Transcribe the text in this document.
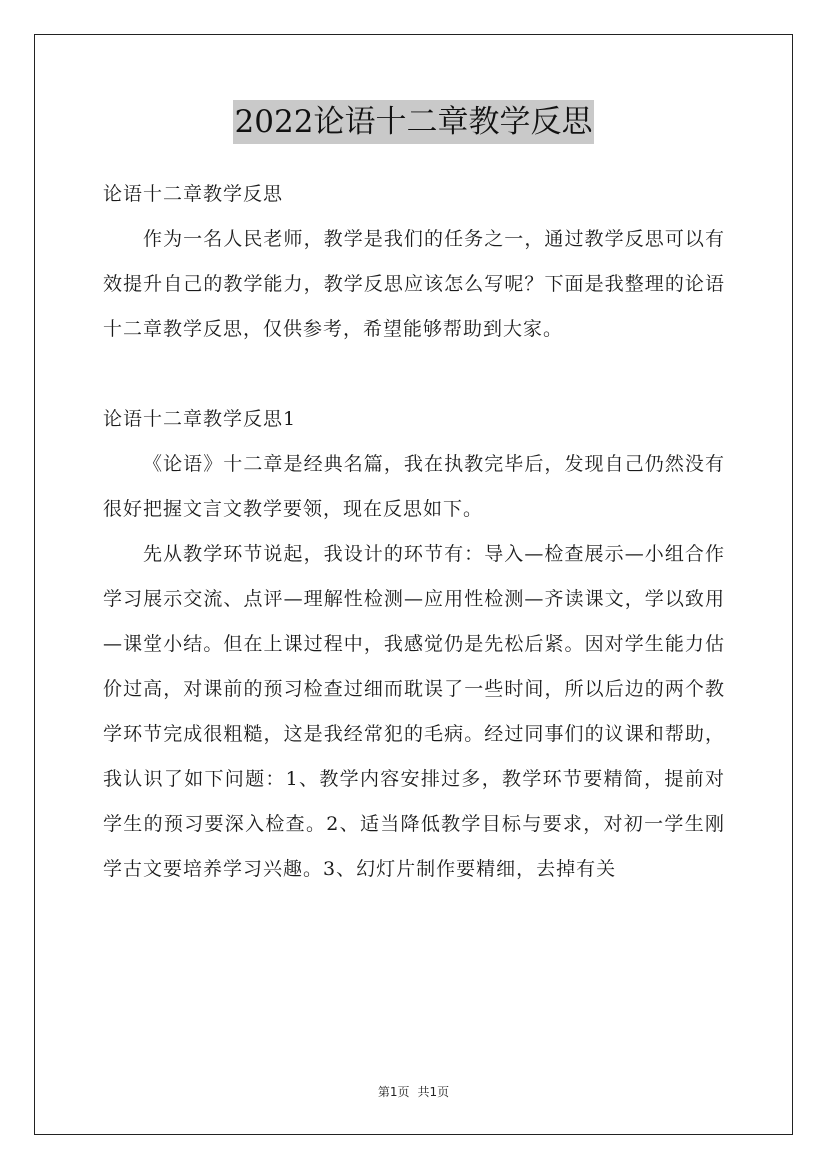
2022论语十二章教学反思

论语十二章教学反思

作为一名人民老师，教学是我们的任务之一，通过教学反思可以有效提升自己的教学能力，教学反思应该怎么写呢？下面是我整理的论语十二章教学反思，仅供参考，希望能够帮助到大家。

论语十二章教学反思1

《论语》十二章是经典名篇，我在执教完毕后，发现自己仍然没有很好把握文言文教学要领，现在反思如下。

先从教学环节说起，我设计的环节有：导入—检查展示—小组合作学习展示交流、点评—理解性检测—应用性检测—齐读课文，学以致用—课堂小结。但在上课过程中，我感觉仍是先松后紧。因对学生能力估价过高，对课前的预习检查过细而耽误了一些时间，所以后边的两个教学环节完成很粗糙，这是我经常犯的毛病。经过同事们的议课和帮助，我认识了如下问题：1、教学内容安排过多，教学环节要精简，提前对学生的预习要深入检查。2、适当降低教学目标与要求，对初一学生刚学古文要培养学习兴趣。3、幻灯片制作要精细，去掉有关

第1页 共1页
